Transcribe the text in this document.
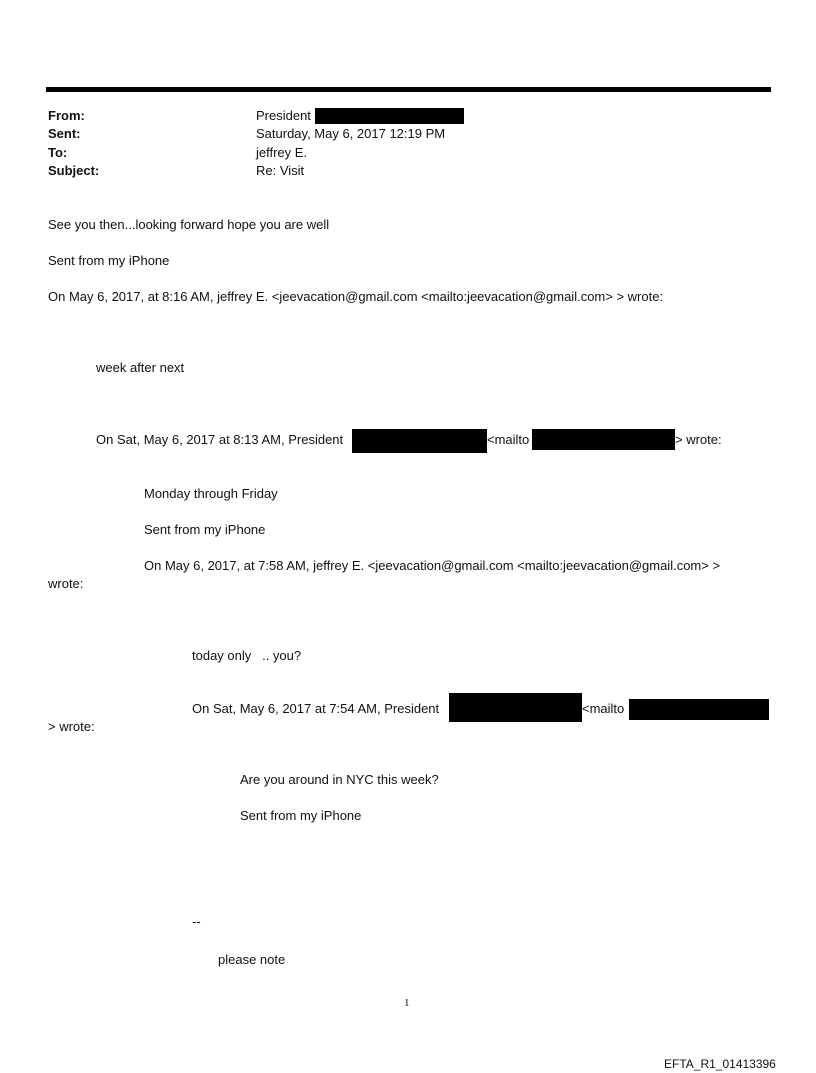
From:	President
Sent:	Saturday, May 6, 2017 12:19 PM
To:	jeffrey E.
Subject:	Re: Visit
See you then...looking forward hope you are well
Sent from my iPhone
On May 6, 2017, at 8:16 AM, jeffrey E. <jeevacation@gmail.com <mailto:jeevacation@gmail.com> > wrote:
week after next
On Sat, May 6, 2017 at 8:13 AM, President	<mailto	> wrote:
Monday through Friday
Sent from my iPhone
On May 6, 2017, at 7:58 AM, jeffrey E. <jeevacation@gmail.com <mailto:jeevacation@gmail.com> >
wrote:
today only   .. you?
On Sat, May 6, 2017 at 7:54 AM, President	<mailto
> wrote:
Are you around in NYC this week?
Sent from my iPhone
--
please note
1
EFTA_R1_01413396
